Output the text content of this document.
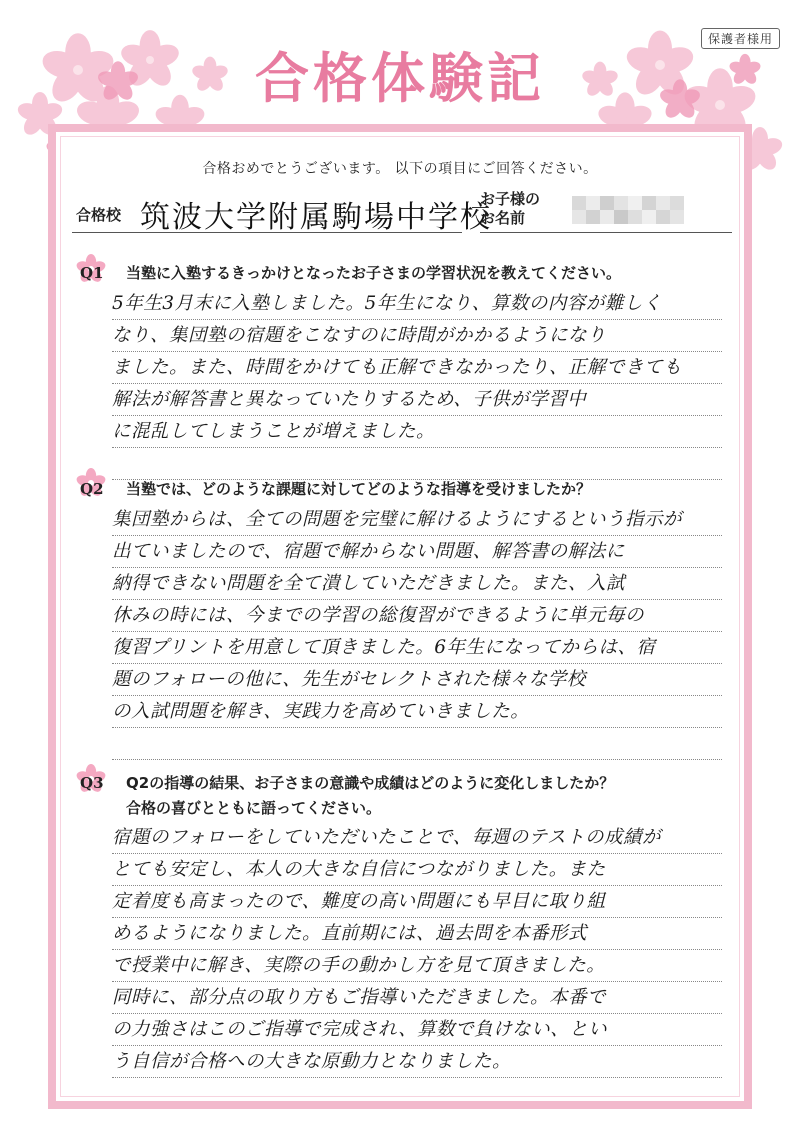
保護者様用
合格体験記
合格おめでとうございます。 以下の項目にご回答ください。
合格校 筑波大学附属駒場中学校
お子様の
お名前
Q1 当塾に入塾するきっかけとなったお子さまの学習状況を教えてください。
5年生3月末に入塾しました。5年生になり、算数の内容が難しく
なり、集団塾の宿題をこなすのに時間がかかるようになり
ました。また、時間をかけても正解できなかったり、正解できても
解法が解答書と異なっていたりするため、子供が学習中
に混乱してしまうことが増えました。
Q2 当塾では、どのような課題に対してどのような指導を受けましたか？
集団塾からは、全ての問題を完璧に解けるようにするという指示が
出ていましたので、宿題で解からない問題、解答書の解法に
納得できない問題を全て潰していただきました。また、入試
休みの時には、今までの学習の総復習ができるように単元毎の
復習プリントを用意して頂きました。6年生になってからは、宿
題のフォローの他に、先生がセレクトされた様々な学校
の入試問題を解き、実践力を高めていきました。
Q3 Q2の指導の結果、お子さまの意識や成績はどのように変化しましたか？
合格の喜びとともに語ってください。
宿題のフォローをしていただいたことで、毎週のテストの成績が
とても安定し、本人の大きな自信につながりました。また
定着度も高まったので、難度の高い問題にも早目に取り組
めるようになりました。直前期には、過去問を本番形式
で授業中に解き、実際の手の動かし方を見て頂きました。
同時に、部分点の取り方もご指導いただきました。本番で
の力強さはこのご指導で完成され、算数で負けない、とい
う自信が合格への大きな原動力となりました。
